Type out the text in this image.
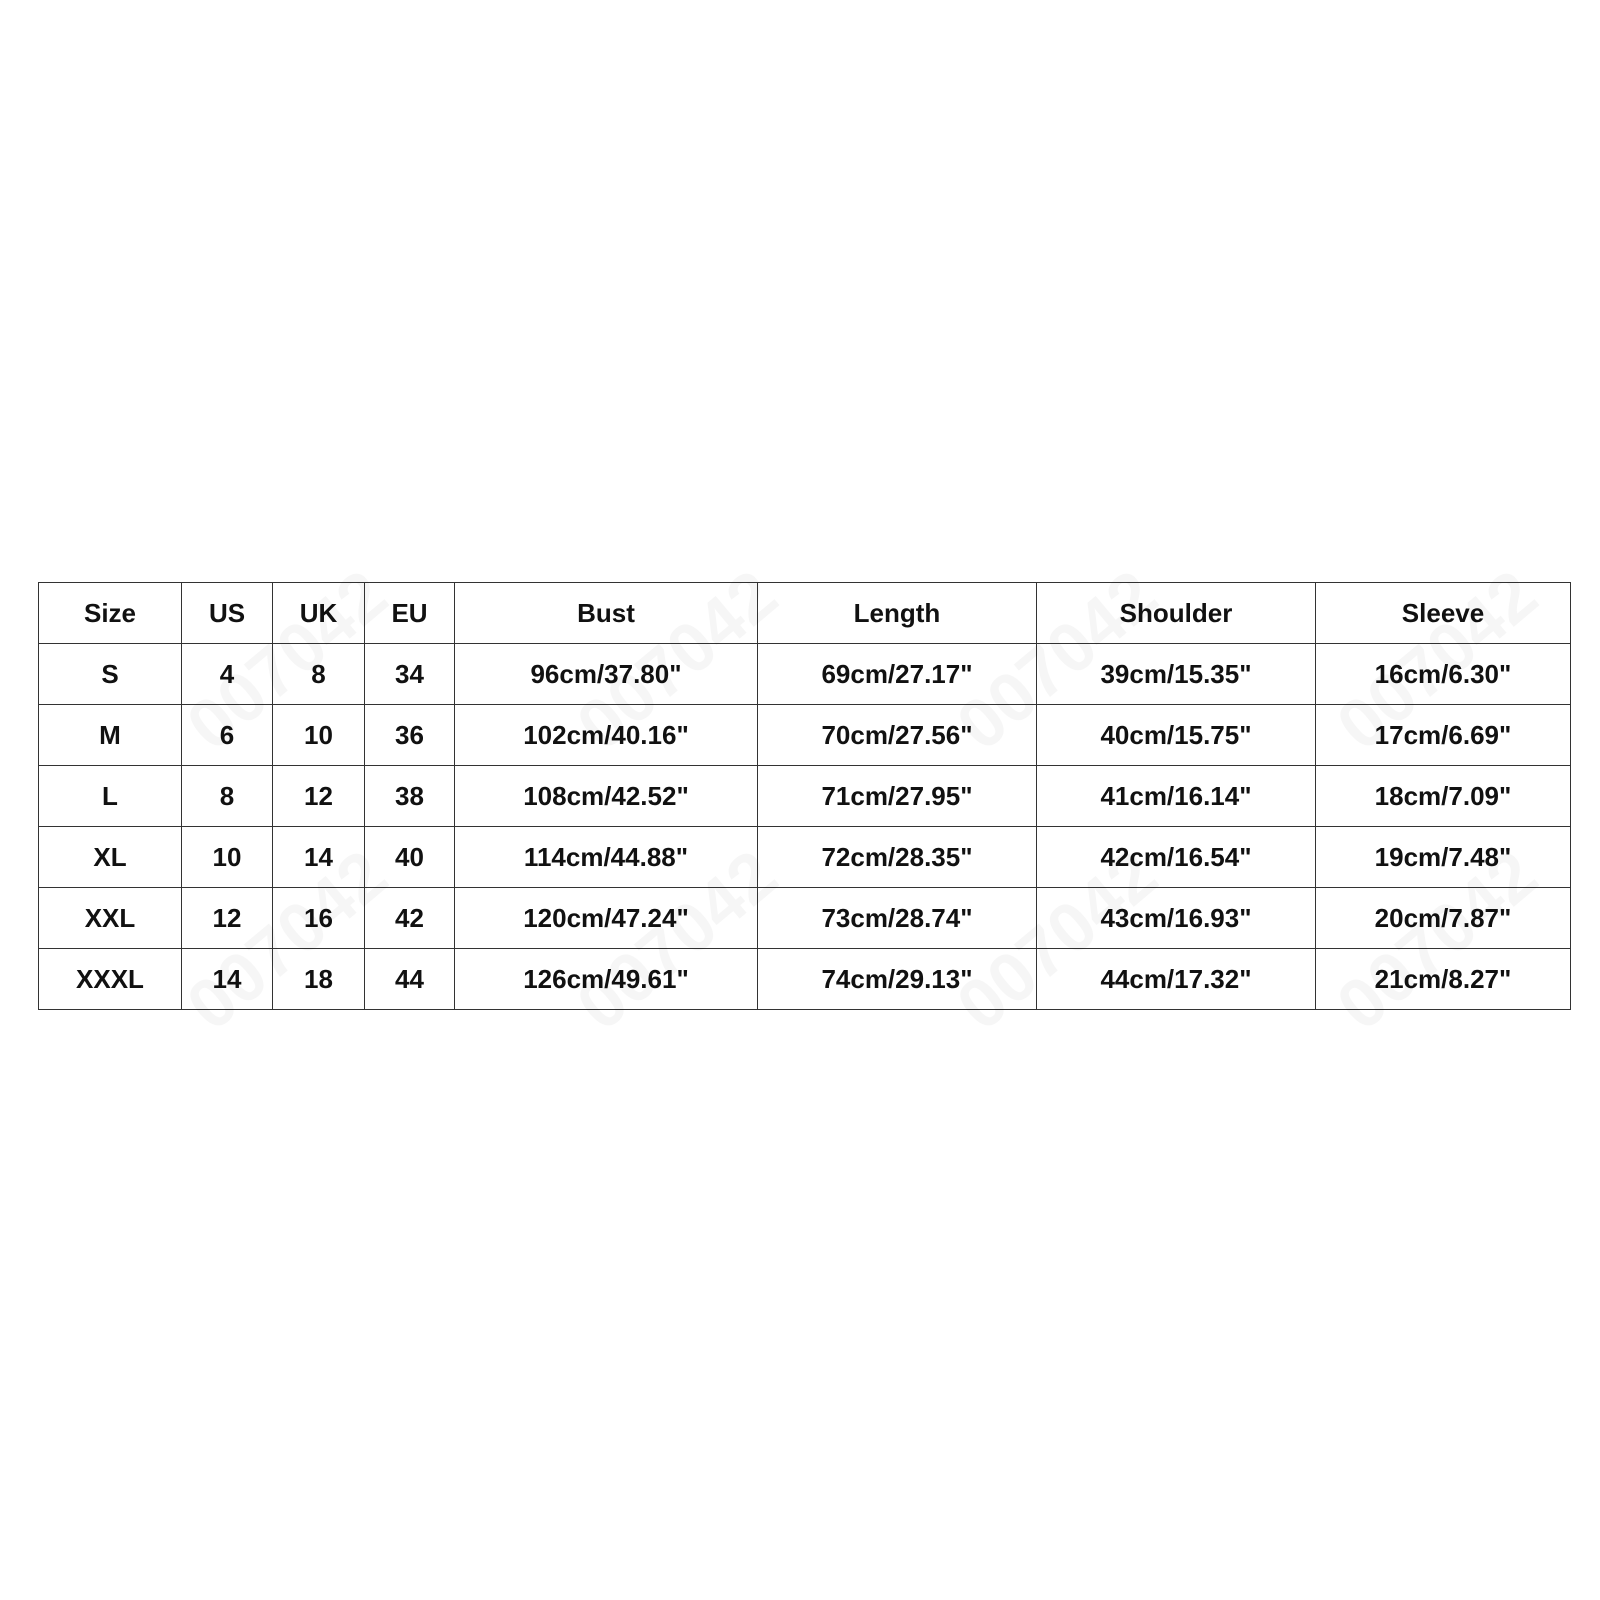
Size	US	UK	EU	Bust	Length	Shoulder	Sleeve
S	4	8	34	96cm/37.80"	69cm/27.17"	39cm/15.35"	16cm/6.30"
M	6	10	36	102cm/40.16"	70cm/27.56"	40cm/15.75"	17cm/6.69"
L	8	12	38	108cm/42.52"	71cm/27.95"	41cm/16.14"	18cm/7.09"
XL	10	14	40	114cm/44.88"	72cm/28.35"	42cm/16.54"	19cm/7.48"
XXL	12	16	42	120cm/47.24"	73cm/28.74"	43cm/16.93"	20cm/7.87"
XXXL	14	18	44	126cm/49.61"	74cm/29.13"	44cm/17.32"	21cm/8.27"
